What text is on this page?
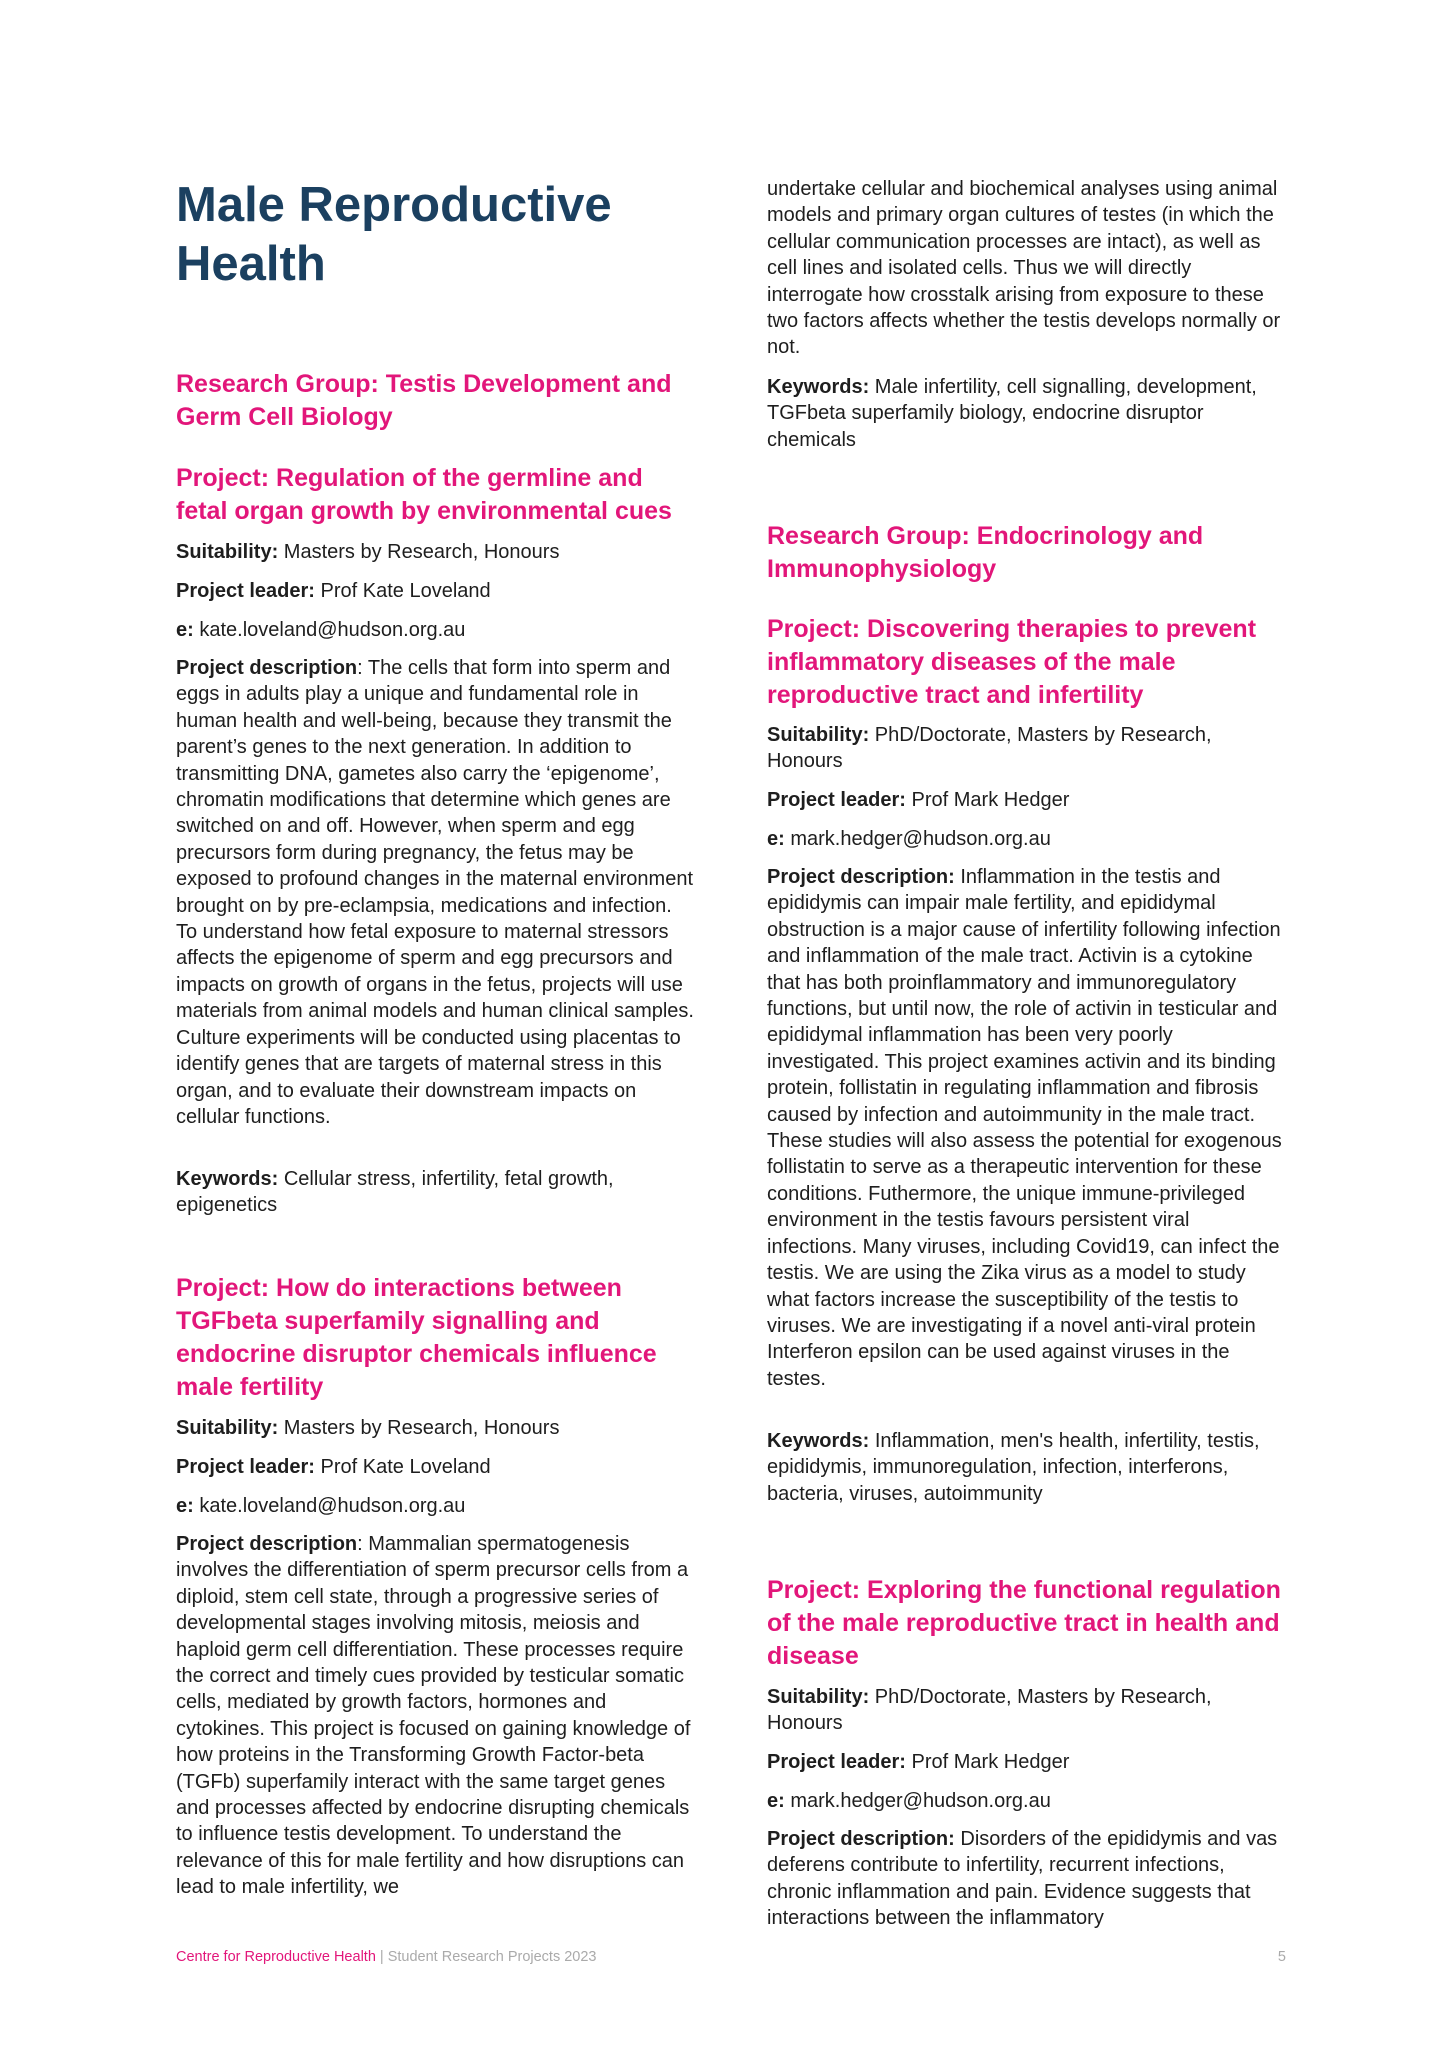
Male Reproductive Health
Research Group: Testis Development and Germ Cell Biology
Project: Regulation of the germline and fetal organ growth by environmental cues

Suitability: Masters by Research, Honours

Project leader: Prof Kate Loveland

e: kate.loveland@hudson.org.au

Project description: The cells that form into sperm and eggs in adults play a unique and fundamental role in human health and well-being, because they transmit the parent’s genes to the next generation. In addition to transmitting DNA, gametes also carry the ‘epigenome’, chromatin modifications that determine which genes are switched on and off. However, when sperm and egg precursors form during pregnancy, the fetus may be exposed to profound changes in the maternal environment brought on by pre-eclampsia, medications and infection. To understand how fetal exposure to maternal stressors affects the epigenome of sperm and egg precursors and impacts on growth of organs in the fetus, projects will use materials from animal models and human clinical samples. Culture experiments will be conducted using placentas to identify genes that are targets of maternal stress in this organ, and to evaluate their downstream impacts on cellular functions.

Keywords: Cellular stress, infertility, fetal growth, epigenetics

Project: How do interactions between TGFbeta superfamily signalling and endocrine disruptor chemicals influence male fertility

Suitability: Masters by Research, Honours

Project leader: Prof Kate Loveland

e: kate.loveland@hudson.org.au

Project description: Mammalian spermatogenesis involves the differentiation of sperm precursor cells from a diploid, stem cell state, through a progressive series of developmental stages involving mitosis, meiosis and haploid germ cell differentiation. These processes require the correct and timely cues provided by testicular somatic cells, mediated by growth factors, hormones and cytokines. This project is focused on gaining knowledge of how proteins in the Transforming Growth Factor-beta (TGFb) superfamily interact with the same target genes and processes affected by endocrine disrupting chemicals to influence testis development. To understand the relevance of this for male fertility and how disruptions can lead to male infertility, we

undertake cellular and biochemical analyses using animal models and primary organ cultures of testes (in which the cellular communication processes are intact), as well as cell lines and isolated cells. Thus we will directly interrogate how crosstalk arising from exposure to these two factors affects whether the testis develops normally or not.

Keywords: Male infertility, cell signalling, development, TGFbeta superfamily biology, endocrine disruptor chemicals

Research Group: Endocrinology and Immunophysiology
Project: Discovering therapies to prevent inflammatory diseases of the male reproductive tract and infertility

Suitability: PhD/Doctorate, Masters by Research, Honours

Project leader: Prof Mark Hedger

e: mark.hedger@hudson.org.au

Project description: Inflammation in the testis and epididymis can impair male fertility, and epididymal obstruction is a major cause of infertility following infection and inflammation of the male tract. Activin is a cytokine that has both proinflammatory and immunoregulatory functions, but until now, the role of activin in testicular and epididymal inflammation has been very poorly investigated. This project examines activin and its binding protein, follistatin in regulating inflammation and fibrosis caused by infection and autoimmunity in the male tract. These studies will also assess the potential for exogenous follistatin to serve as a therapeutic intervention for these conditions. Futhermore, the unique immune-privileged environment in the testis favours persistent viral infections. Many viruses, including Covid19, can infect the testis. We are using the Zika virus as a model to study what factors increase the susceptibility of the testis to viruses. We are investigating if a novel anti-viral protein Interferon epsilon can be used against viruses in the testes.

Keywords: Inflammation, men's health, infertility, testis, epididymis, immunoregulation, infection, interferons, bacteria, viruses, autoimmunity

Project: Exploring the functional regulation of the male reproductive tract in health and disease

Suitability: PhD/Doctorate, Masters by Research, Honours

Project leader: Prof Mark Hedger

e: mark.hedger@hudson.org.au

Project description: Disorders of the epididymis and vas deferens contribute to infertility, recurrent infections, chronic inflammation and pain. Evidence suggests that interactions between the inflammatory

Centre for Reproductive Health | Student Research Projects 2023	5
